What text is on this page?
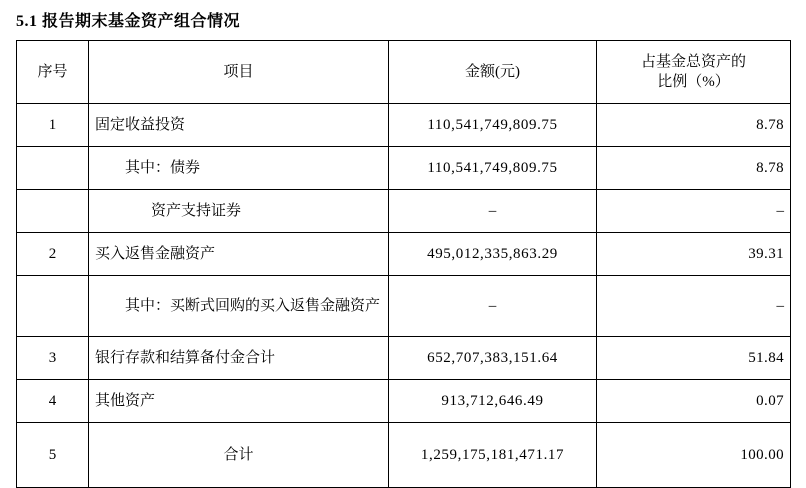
5.1 报告期末基金资产组合情况
序号	项目	金额(元)	占基金总资产的
比例（%）

1	固定收益投资	110,541,749,809.75	8.78
	其中：债券	110,541,749,809.75	8.78
	资产支持证券	–	–
2	买入返售金融资产	495,012,335,863.29	39.31
	其中：买断式回购的买入返售金融资产	–	–
3	银行存款和结算备付金合计	652,707,383,151.64	51.84
4	其他资产	913,712,646.49	0.07
5	合计	1,259,175,181,471.17	100.00
